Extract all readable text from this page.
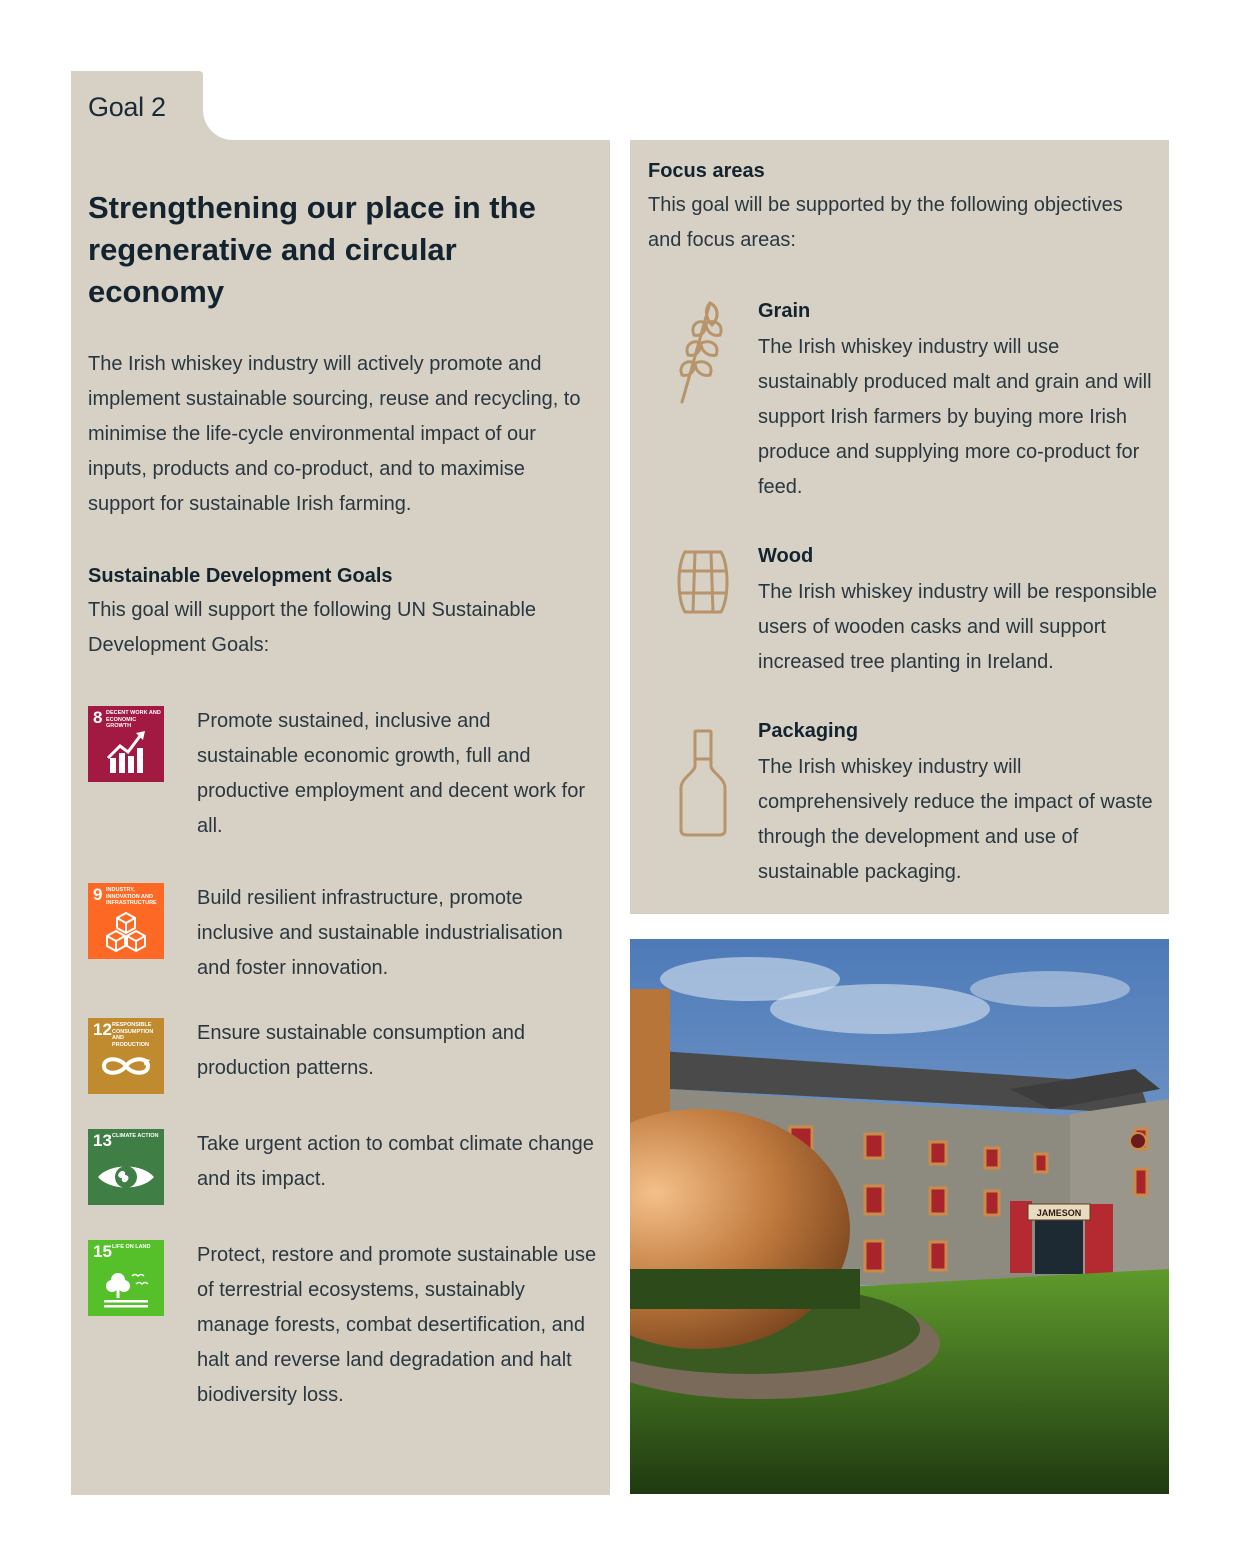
Goal 2
Strengthening our place in the regenerative and circular economy

The Irish whiskey industry will actively promote and implement sustainable sourcing, reuse and recycling, to minimise the life-cycle environmental impact of our inputs, products and co-product, and to maximise support for sustainable Irish farming.

Sustainable Development Goals

This goal will support the following UN Sustainable Development Goals:

8 DECENT WORK AND ECONOMIC GROWTH	Promote sustained, inclusive and sustainable economic growth, full and productive employment and decent work for all.

9 INDUSTRY, INNOVATION AND INFRASTRUCTURE Build resilient infrastructure, promote inclusive and sustainable industrialisation and foster innovation.

12 RESPONSIBLE CONSUMPTION AND PRODUCTION

Ensure sustainable consumption and production patterns.

13 CLIMATE ACTION Take urgent action to combat climate change and its impact.

15 LIFE ON LAND	Protect, restore and promote sustainable use of terrestrial ecosystems, sustainably manage forests, combat desertification, and halt and reverse land degradation and halt biodiversity loss.

Focus areas

This goal will be supported by the following objectives and focus areas:

Grain

The Irish whiskey industry will use sustainably produced malt and grain and will support Irish farmers by buying more Irish produce and supplying more co-product for feed.

Wood

The Irish whiskey industry will be responsible users of wooden casks and will support increased tree planting in Ireland.

Packaging

The Irish whiskey industry will comprehensively reduce the impact of waste through the development and use of sustainable packaging.

JAMESON
